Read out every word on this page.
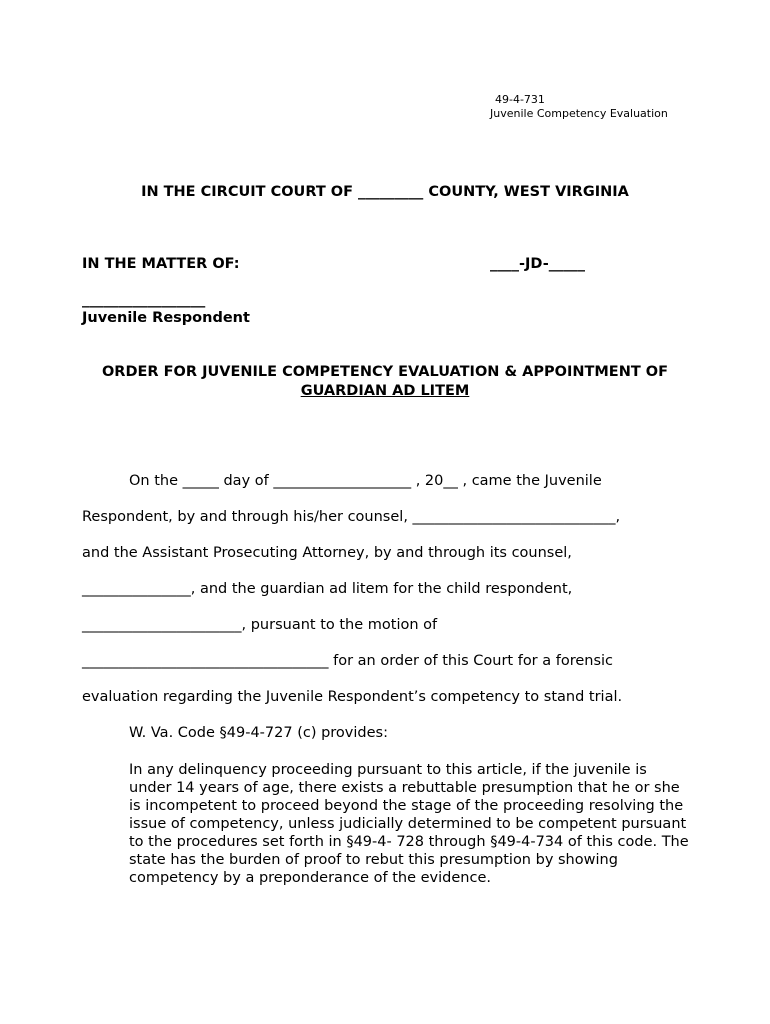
49-4-731
Juvenile Competency Evaluation
IN THE CIRCUIT COURT OF _________ COUNTY, WEST VIRGINIA
IN THE MATTER OF:	____-JD-_____
_________________
Juvenile Respondent
ORDER FOR JUVENILE COMPETENCY EVALUATION & APPOINTMENT OF
GUARDIAN AD LITEM
On the _____ day of ___________________ , 20__ , came the Juvenile
Respondent, by and through his/her counsel, ____________________________,
and the Assistant Prosecuting Attorney, by and through its counsel,
_______________, and the guardian ad litem for the child respondent,
______________________, pursuant to the motion of
__________________________________ for an order of this Court for a forensic
evaluation regarding the Juvenile Respondent’s competency to stand trial.
W. Va. Code §49-4-727 (c) provides:
In any delinquency proceeding pursuant to this article, if the juvenile is under 14 years of age, there exists a rebuttable presumption that he or she is incompetent to proceed beyond the stage of the proceeding resolving the issue of competency, unless judicially determined to be competent pursuant to the procedures set forth in §49-4- 728 through §49-4-734 of this code. The state has the burden of proof to rebut this presumption by showing competency by a preponderance of the evidence.
